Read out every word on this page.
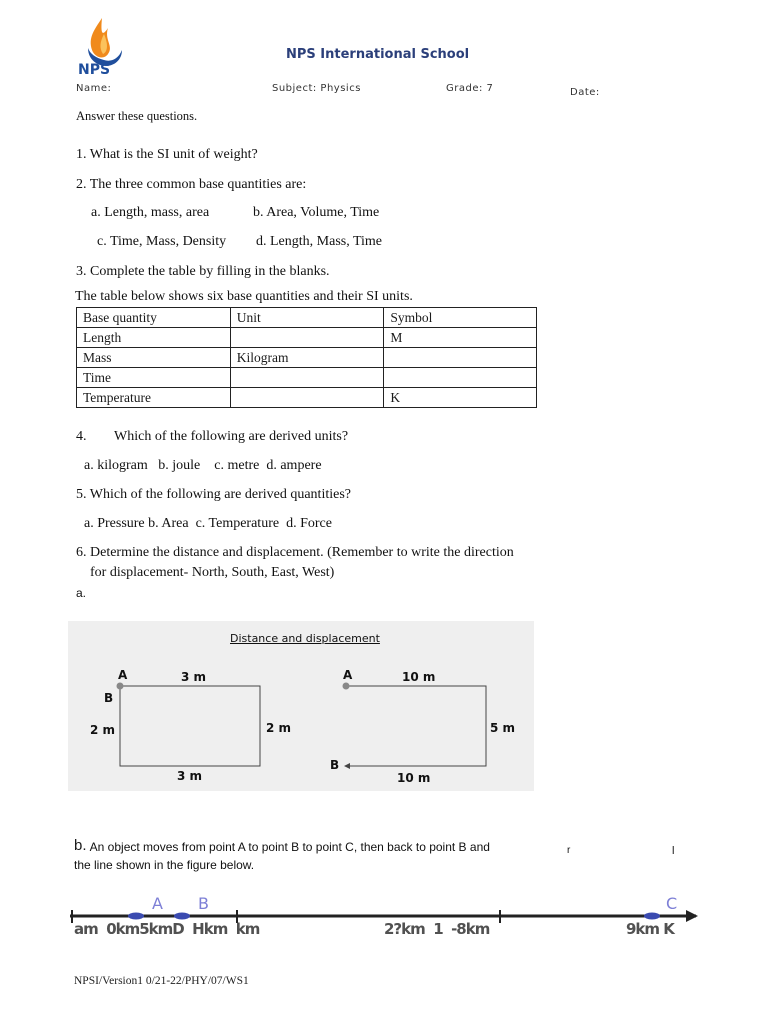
NPS
NPS International School
Name:	Subject: Physics	Grade: 7	Date:
Answer these questions.
1. What is the SI unit of weight?
2. The three common base quantities are:
a. Length, mass, area	b. Area, Volume, Time
c. Time, Mass, Density d. Length, Mass, Time
3. Complete the table by filling in the blanks.
The table below shows six base quantities and their SI units.
Base quantity	Unit	Symbol
Length		M
Mass	Kilogram	
Time		
Temperature		K
4. Which of the following are derived units?
a. kilogram   b. joule    c. metre  d. ampere
5. Which of the following are derived quantities?
a. Pressure b. Area  c. Temperature  d. Force
6. Determine the distance and displacement. (Remember to write the direction
for displacement- North, South, East, West)
a.
Distance and displacement
A
B
3 m
2 m	2 m
3 m
A	10 m
5 m
B
10 m
b. An object moves from point A to point B to point C, then back to point B and	r	l
the line shown in the figure below.
A B	C
am  0km5kmD  Hkm  km	2?km  1  -8km	9km K
NPSI/Version1 0/21-22/PHY/07/WS1
